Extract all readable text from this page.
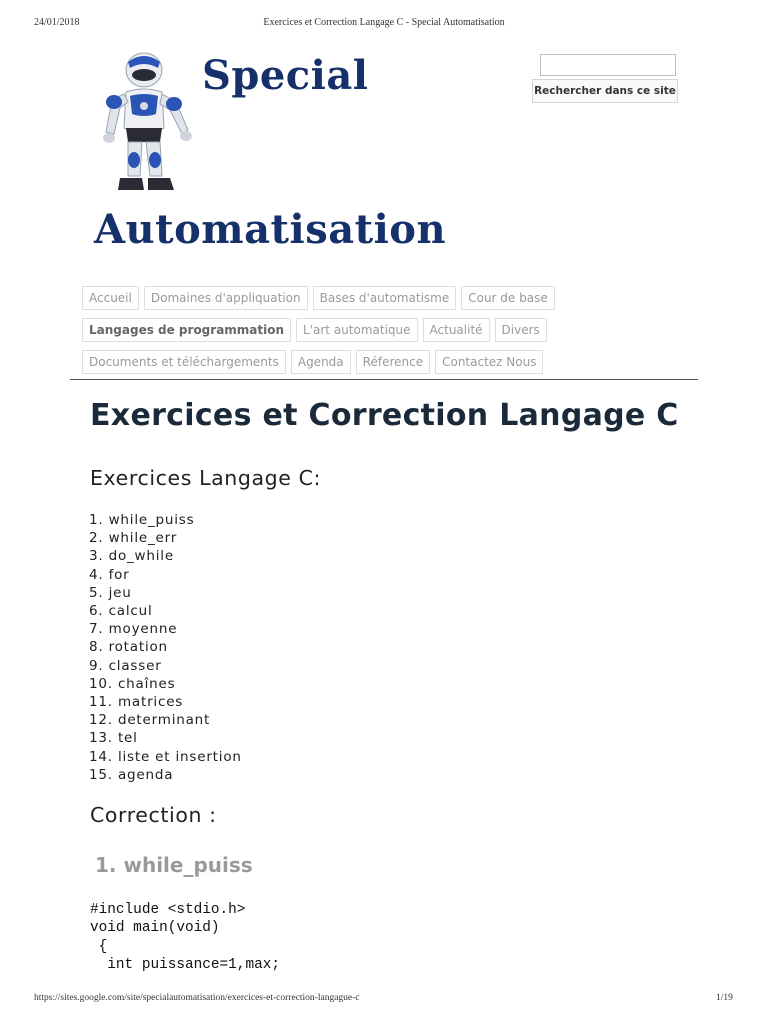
24/01/2018	Exercices et Correction Langage C - Special Automatisation
Special
Automatisation
Rechercher dans ce site
Accueil	Domaines d'appliquation	Bases d'automatisme	Cour de base
Langages de programmation	L'art automatique	Actualité	Divers
Documents et téléchargements	Agenda	Réference	Contactez Nous
Exercices et Correction Langage C
Exercices Langage C:
1. while_puiss
2. while_err
3. do_while
4. for
5. jeu
6. calcul
7. moyenne
8. rotation
9. classer
10. chaînes
11. matrices
12. determinant
13. tel
14. liste et insertion
15. agenda
Correction :
1. while_puiss
#include <stdio.h>
void main(void)
{
int puissance=1,max;
https://sites.google.com/site/specialautomatisation/exercices-et-correction-langague-c	1/19
